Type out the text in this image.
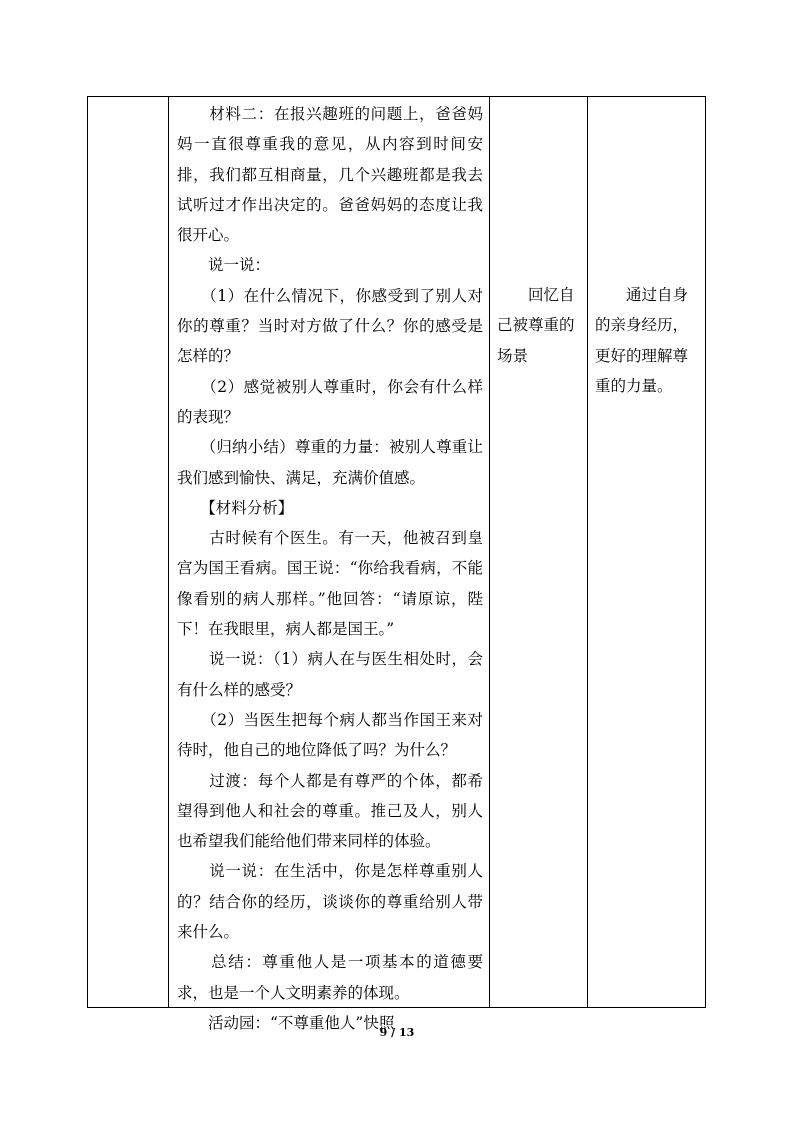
　　材料二：在报兴趣班的问题上，爸爸妈妈一直很尊重我的意见，从内容到时间安排，我们都互相商量，几个兴趣班都是我去试听过才作出决定的。爸爸妈妈的态度让我很开心。

　　说一说：

　　（1）在什么情况下，你感受到了别人对你的尊重？当时对方做了什么？你的感受是怎样的？

　　（2）感觉被别人尊重时，你会有什么样的表现？

　　（归纳小结）尊重的力量：被别人尊重让我们感到愉快、满足，充满价值感。

　　【材料分析】

　　古时候有个医生。有一天，他被召到皇宫为国王看病。国王说：“你给我看病，不能像看别的病人那样。”他回答：“请原谅，陛下！在我眼里，病人都是国王。”

　　说一说：（1）病人在与医生相处时，会有什么样的感受？

　　（2）当医生把每个病人都当作国王来对待时，他自己的地位降低了吗？为什么？

　　过渡：每个人都是有尊严的个体，都希望得到他人和社会的尊重。推己及人，别人也希望我们能给他们带来同样的体验。

　　说一说：在生活中，你是怎样尊重别人的？结合你的经历，谈谈你的尊重给别人带来什么。

　　总结：尊重他人是一项基本的道德要求，也是一个人文明素养的体现。

　　活动园：“不尊重他人”快照

　　回忆自己被尊重的场景
　　通过自身的亲身经历，更好的理解尊重的力量。
9 / 13
